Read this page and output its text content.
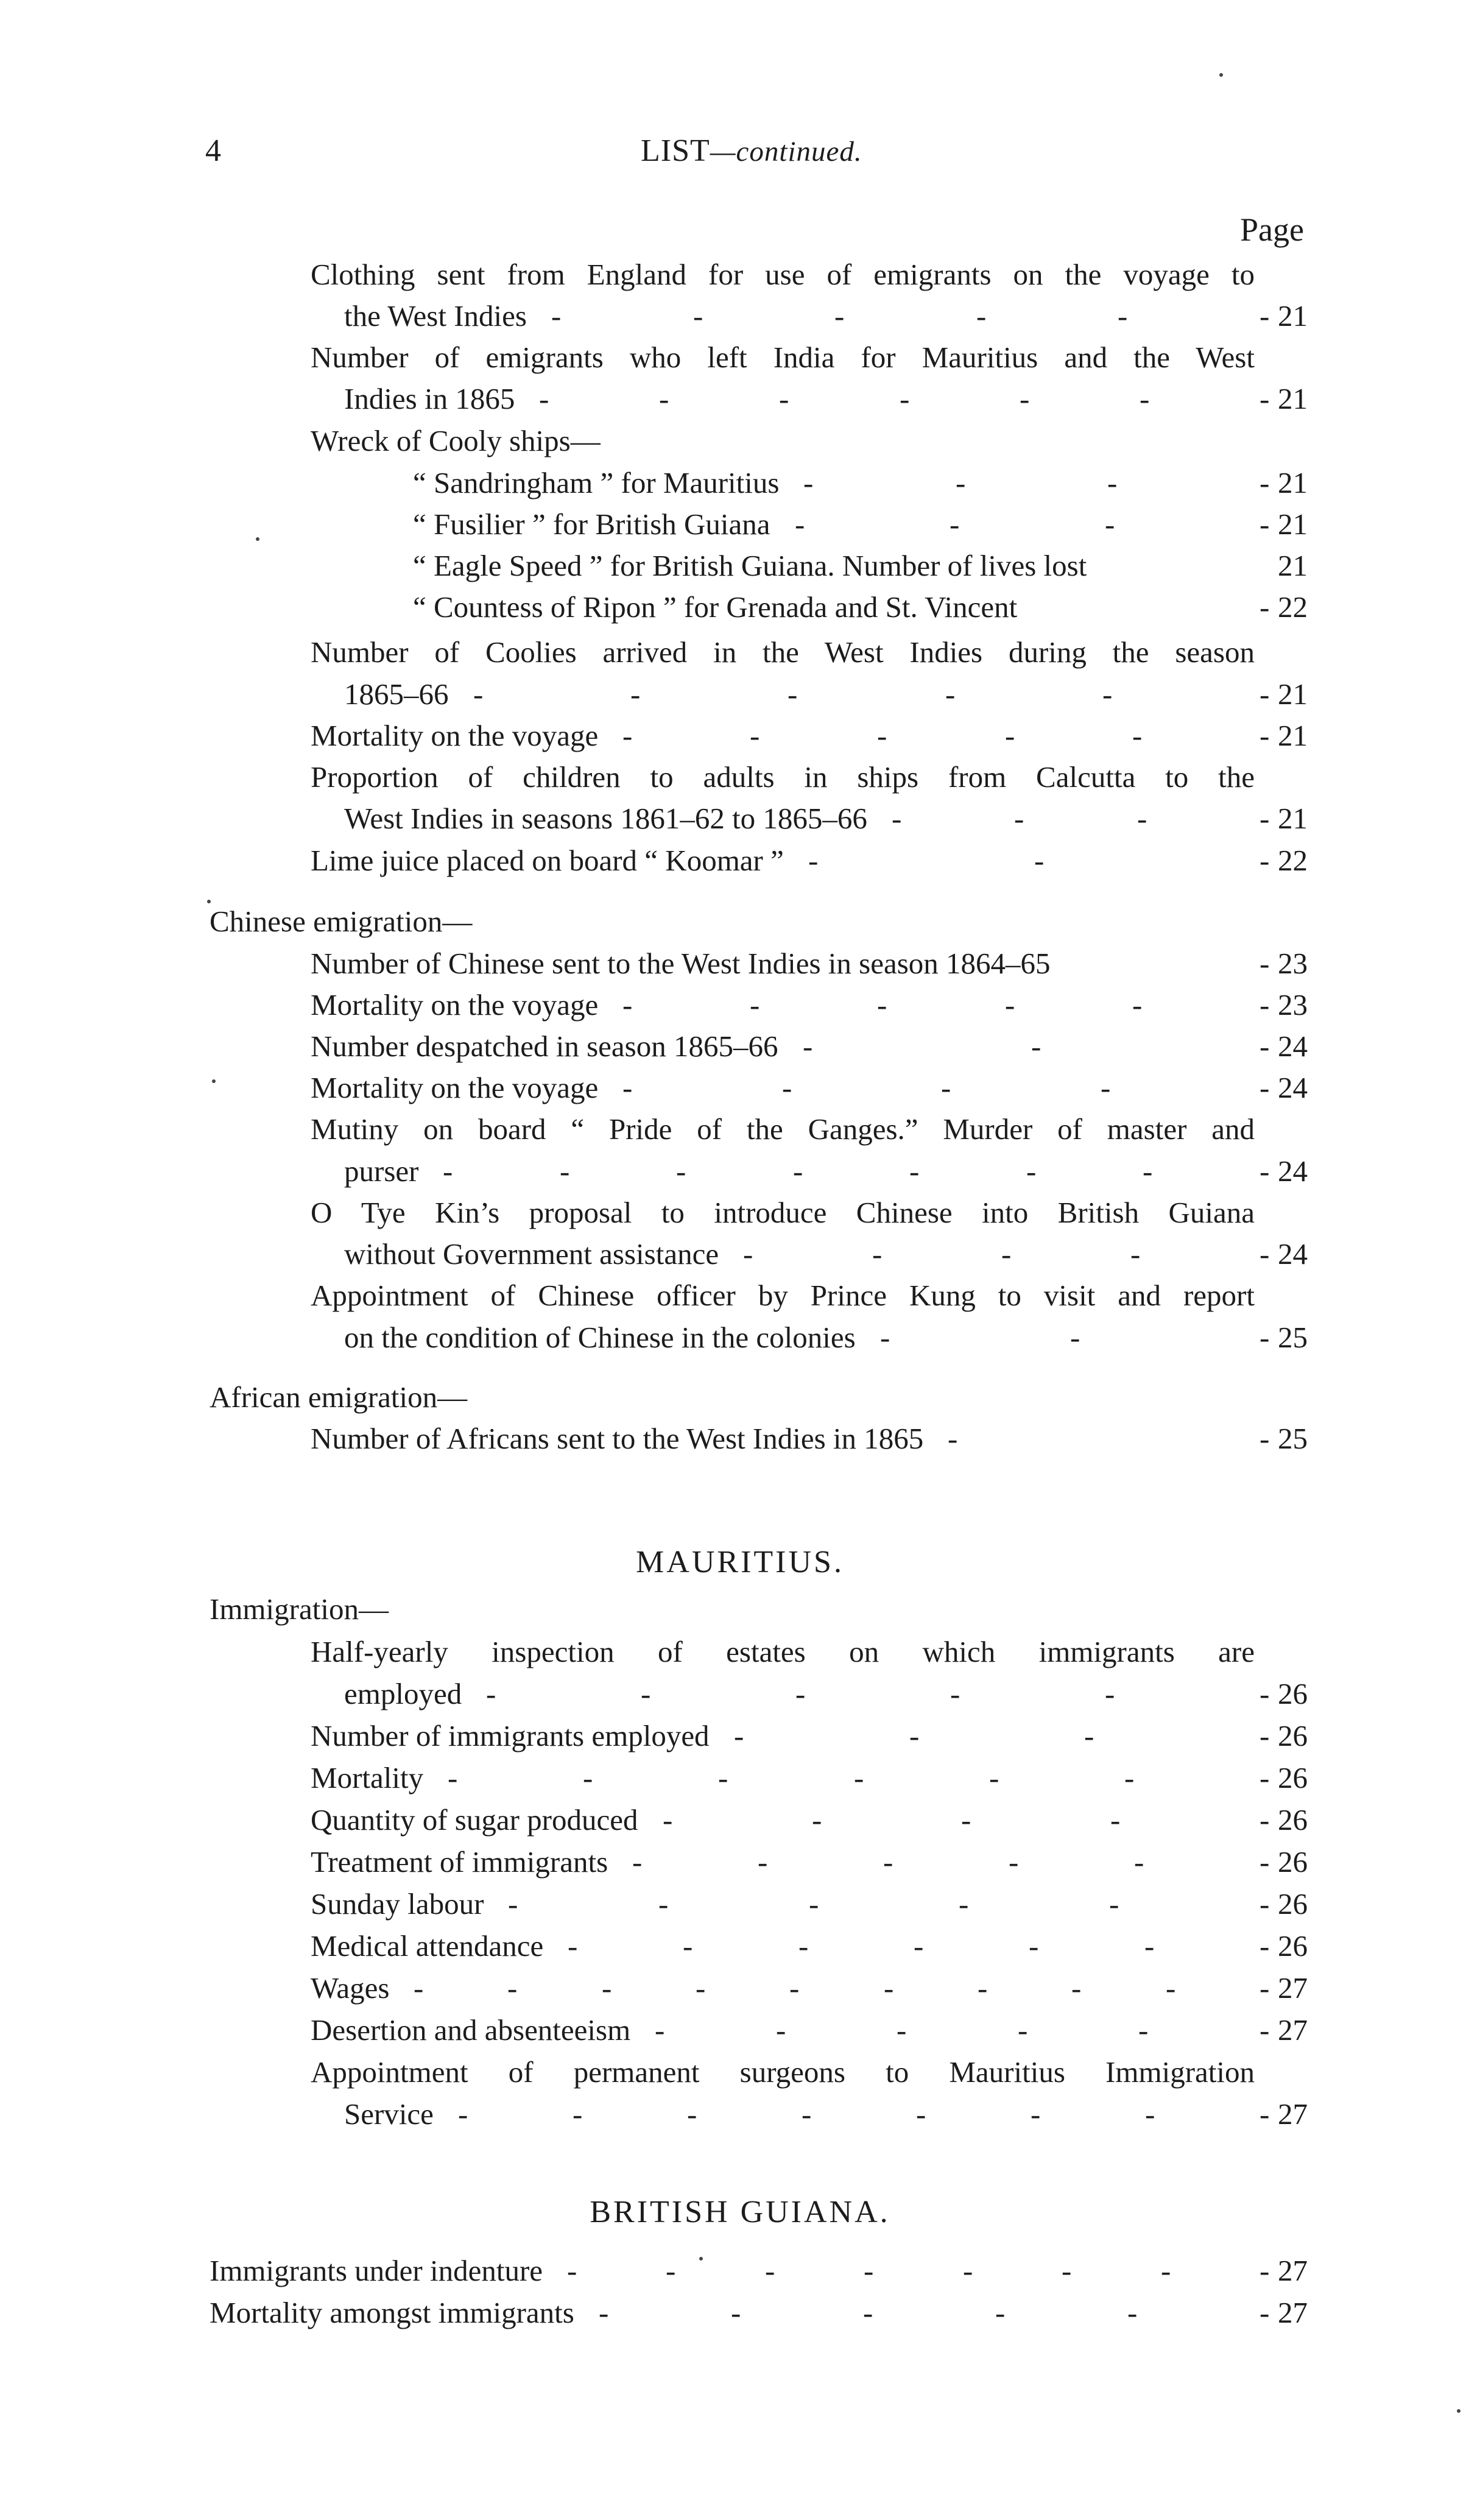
4	LIST—continued.
Page
Clothing sent from England for use of emigrants on the voyage to
the West Indies -	-	-	-	-	- 21
Number of emigrants who left India for Mauritius and the West
Indies in 1865 -	-	-	-	-	-	- 21
Wreck of Cooly ships—
“ Sandringham ” for Mauritius -	-	-	- 21
“ Fusilier ” for British Guiana -	-	-	- 21
“ Eagle Speed ” for British Guiana. Number of lives lost	21
“ Countess of Ripon ” for Grenada and St. Vincent	- 22
Number of Coolies arrived in the West Indies during the season
1865–66 -	-	-	-	-	- 21
Mortality on the voyage -	-	-	-	-	- 21
Proportion of children to adults in ships from Calcutta to the
West Indies in seasons 1861–62 to 1865–66 -	-	-	- 21
Lime juice placed on board “ Koomar ” -	-	- 22
Chinese emigration—
Number of Chinese sent to the West Indies in season 1864–65	- 23
Mortality on the voyage -	-	-	-	-	- 23
Number despatched in season 1865–66 -	-	- 24
Mortality on the voyage -	-	-	-	- 24
Mutiny on board “ Pride of the Ganges.” Murder of master and
purser -	-	-	-	-	-	-	- 24
O Tye Kin’s proposal to introduce Chinese into British Guiana
without Government assistance -	-	-	-	- 24
Appointment of Chinese officer by Prince Kung to visit and report
on the condition of Chinese in the colonies -	-	- 25
African emigration—
Number of Africans sent to the West Indies in 1865 -	- 25
MAURITIUS.
Immigration—
Half-yearly inspection of estates on which immigrants are
employed -	-	-	-	-	- 26
Number of immigrants employed -	-	-	- 26
Mortality -	-	-	-	-	-	- 26
Quantity of sugar produced -	-	-	-	- 26
Treatment of immigrants -	-	-	-	-	- 26
Sunday labour -	-	-	-	-	- 26
Medical attendance -	-	-	-	-	-	- 26
Wages -	-	-	-	-	-	-	-	-	- 27
Desertion and absenteeism -	-	-	-	-	- 27
Appointment of permanent surgeons to Mauritius Immigration
Service -	-	-	-	-	-	-	- 27
BRITISH GUIANA.
Immigrants under indenture -	-	-	-	-	-	-	- 27
Mortality amongst immigrants -	-	-	-	-	- 27
